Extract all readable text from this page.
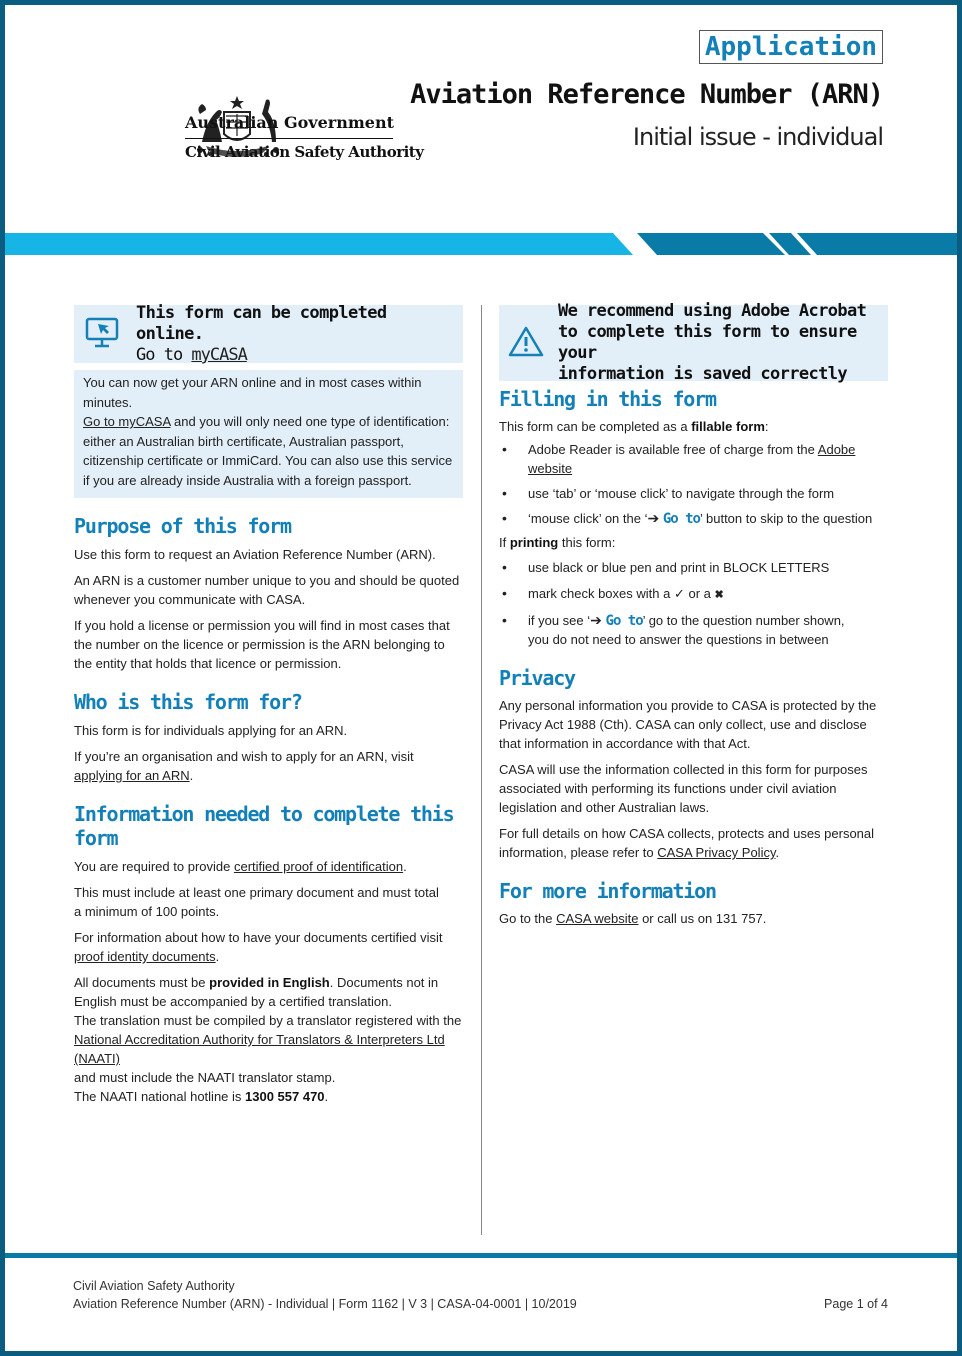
Application
Aviation Reference Number (ARN)
Initial issue - individual
Australian Government
Civil Aviation Safety Authority
This form can be completed online.
Go to myCASA
You can now get your ARN online and in most cases within minutes.
Go to myCASA and you will only need one type of identification: either an Australian birth certificate, Australian passport, citizenship certificate or ImmiCard. You can also use this service if you are already inside Australia with a foreign passport.
Purpose of this form

Use this form to request an Aviation Reference Number (ARN).

An ARN is a customer number unique to you and should be quoted whenever you communicate with CASA.

If you hold a license or permission you will find in most cases that the number on the licence or permission is the ARN belonging to the entity that holds that licence or permission.

Who is this form for?

This form is for individuals applying for an ARN.

If you’re an organisation and wish to apply for an ARN, visit applying for an ARN.

Information needed to complete this form

You are required to provide certified proof of identification.

This must include at least one primary document and must total
a minimum of 100 points.

For information about how to have your documents certified visit
proof identity documents.

All documents must be provided in English. Documents not in English must be accompanied by a certified translation.
The translation must be compiled by a translator registered with the
National Accreditation Authority for Translators & Interpreters Ltd (NAATI)
and must include the NAATI translator stamp.
The NAATI national hotline is 1300 557 470.

We recommend using Adobe Acrobat
to complete this form to ensure your
information is saved correctly
Filling in this form

This form can be completed as a fillable form:

• Adobe Reader is available free of charge from the Adobe website
• use ‘tab’ or ‘mouse click’ to navigate through the form
• ‘mouse click’ on the ‘➔ Go to’ button to skip to the question

If printing this form:

• use black or blue pen and print in BLOCK LETTERS
• mark check boxes with a ✓ or a ✖
• if you see ‘➔ Go to’ go to the question number shown,
you do not need to answer the questions in between
Privacy

Any personal information you provide to CASA is protected by the Privacy Act 1988 (Cth). CASA can only collect, use and disclose that information in accordance with that Act.

CASA will use the information collected in this form for purposes associated with performing its functions under civil aviation legislation and other Australian laws.

For full details on how CASA collects, protects and uses personal information, please refer to CASA Privacy Policy.

For more information

Go to the CASA website or call us on 131 757.

Civil Aviation Safety Authority
Aviation Reference Number (ARN) - Individual | Form 1162 | V 3 | CASA-04-0001 | 10/2019	Page 1 of 4
